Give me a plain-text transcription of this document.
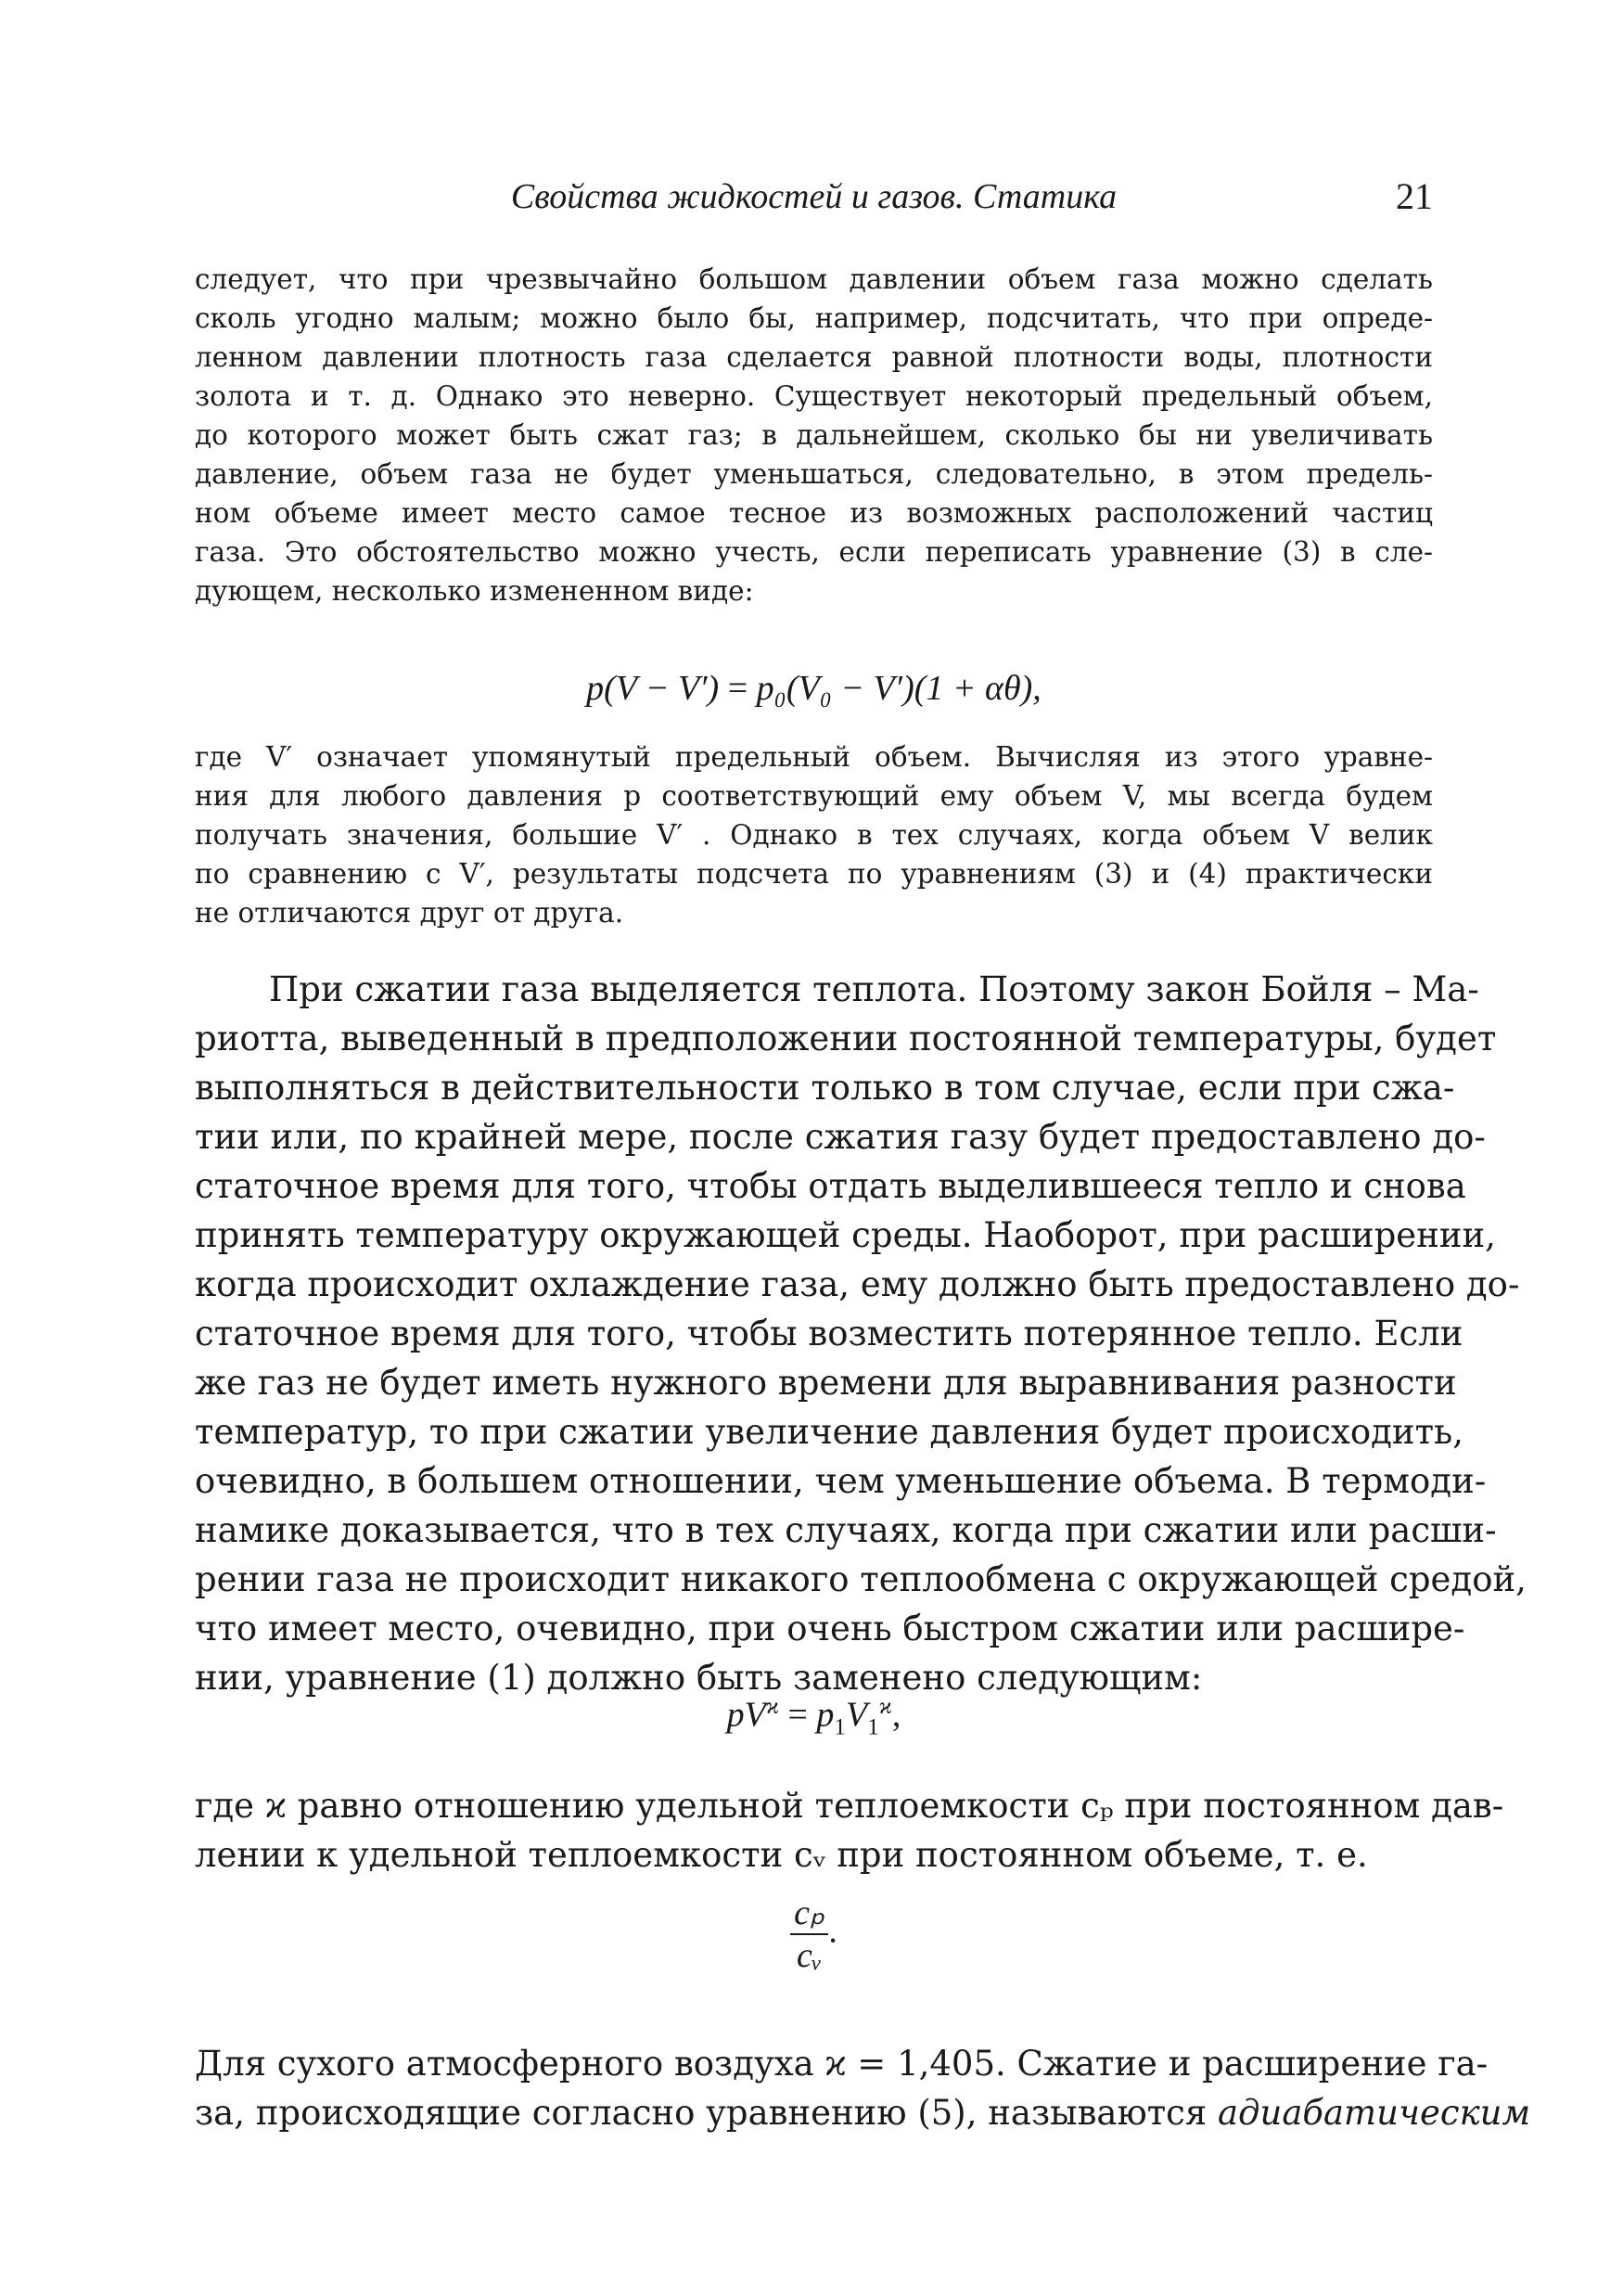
Свойства жидкостей и газов. Статика	21
следует, что при чрезвычайно большом давлении объем газа можно сделать
сколь угодно малым; можно было бы, например, подсчитать, что при опреде-
ленном давлении плотность газа сделается равной плотности воды, плотности
золота и т. д. Однако это неверно. Существует некоторый предельный объем,
до которого может быть сжат газ; в дальнейшем, сколько бы ни увеличивать
давление, объем газа не будет уменьшаться, следовательно, в этом предель-
ном объеме имеет место самое тесное из возможных расположений частиц
газа. Это обстоятельство можно учесть, если переписать уравнение (3) в сле-
дующем, несколько измененном виде:
p(V − V′) = p₀(V₀ − V′)(1 + αθ),
где V′ означает упомянутый предельный объем. Вычисляя из этого уравне-
ния для любого давления p соответствующий ему объем V, мы всегда будем
получать значения, большие V′ . Однако в тех случаях, когда объем V велик
по сравнению с V′, результаты подсчета по уравнениям (3) и (4) практически
не отличаются друг от друга.
При сжатии газа выделяется теплота. Поэтому закон Бойля – Ма-
риотта, выведенный в предположении постоянной температуры, будет
выполняться в действительности только в том случае, если при сжа-
тии или, по крайней мере, после сжатия газу будет предоставлено до-
статочное время для того, чтобы отдать выделившееся тепло и снова
принять температуру окружающей среды. Наоборот, при расширении,
когда происходит охлаждение газа, ему должно быть предоставлено до-
статочное время для того, чтобы возместить потерянное тепло. Если
же газ не будет иметь нужного времени для выравнивания разности
температур, то при сжатии увеличение давления будет происходить,
очевидно, в большем отношении, чем уменьшение объема. В термоди-
намике доказывается, что в тех случаях, когда при сжатии или расши-
рении газа не происходит никакого теплообмена с окружающей средой,
что имеет место, очевидно, при очень быстром сжатии или расшире-
нии, уравнение (1) должно быть заменено следующим:
$pV^ϰ = p_1V_1^ϰ$,
где ϰ равно отношению удельной теплоемкости cₚ при постоянном дав-
лении к удельной теплоемкости cᵥ при постоянном объеме, т. е.
$\frac{\text{cₚ}}{\text{cᵥ}}$ .
Для сухого атмосферного воздуха ϰ = 1,405. Сжатие и расширение га-
за, происходящие согласно уравнению (5), называются адиабатическим
